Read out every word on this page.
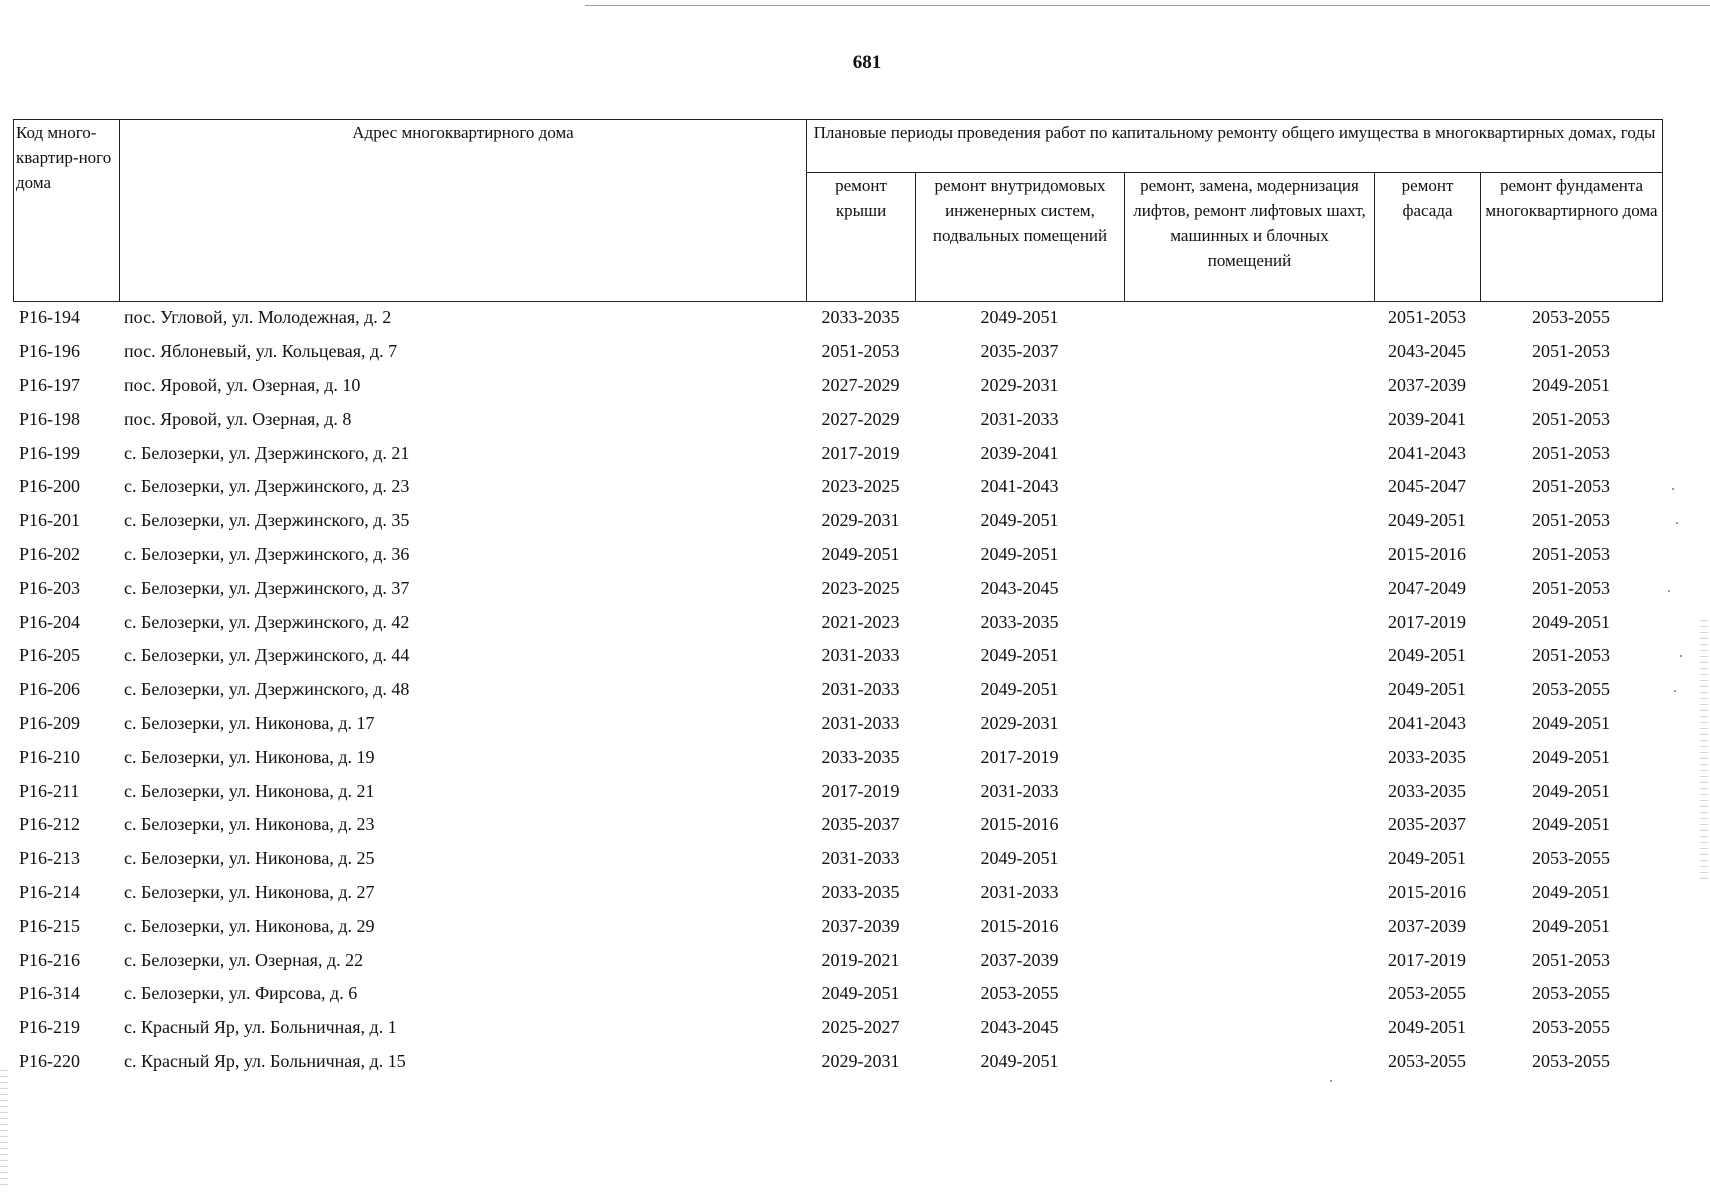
681
Код много-квартир-ного дома	Адрес многоквартирного дома	Плановые периоды проведения работ по капитальному ремонту общего имущества в многоквартирных домах, годы				
		ремонт крыши	ремонт внутридомовых инженерных систем, подвальных помещений	ремонт, замена, модернизация лифтов, ремонт лифтовых шахт, машинных и блочных помещений	ремонт фасада	ремонт фундамента многоквартирного дома
P16-194	пос. Угловой, ул. Молодежная, д. 2	2033-2035	2049-2051		2051-2053	2053-2055
P16-196	пос. Яблоневый, ул. Кольцевая, д. 7	2051-2053	2035-2037		2043-2045	2051-2053
P16-197	пос. Яровой, ул. Озерная, д. 10	2027-2029	2029-2031		2037-2039	2049-2051
P16-198	пос. Яровой, ул. Озерная, д. 8	2027-2029	2031-2033		2039-2041	2051-2053
P16-199	с. Белозерки, ул. Дзержинского, д. 21	2017-2019	2039-2041		2041-2043	2051-2053
P16-200	с. Белозерки, ул. Дзержинского, д. 23	2023-2025	2041-2043		2045-2047	2051-2053
P16-201	с. Белозерки, ул. Дзержинского, д. 35	2029-2031	2049-2051		2049-2051	2051-2053
P16-202	с. Белозерки, ул. Дзержинского, д. 36	2049-2051	2049-2051		2015-2016	2051-2053
P16-203	с. Белозерки, ул. Дзержинского, д. 37	2023-2025	2043-2045		2047-2049	2051-2053
P16-204	с. Белозерки, ул. Дзержинского, д. 42	2021-2023	2033-2035		2017-2019	2049-2051
P16-205	с. Белозерки, ул. Дзержинского, д. 44	2031-2033	2049-2051		2049-2051	2051-2053
P16-206	с. Белозерки, ул. Дзержинского, д. 48	2031-2033	2049-2051		2049-2051	2053-2055
P16-209	с. Белозерки, ул. Никонова, д. 17	2031-2033	2029-2031		2041-2043	2049-2051
P16-210	с. Белозерки, ул. Никонова, д. 19	2033-2035	2017-2019		2033-2035	2049-2051
P16-211	с. Белозерки, ул. Никонова, д. 21	2017-2019	2031-2033		2033-2035	2049-2051
P16-212	с. Белозерки, ул. Никонова, д. 23	2035-2037	2015-2016		2035-2037	2049-2051
P16-213	с. Белозерки, ул. Никонова, д. 25	2031-2033	2049-2051		2049-2051	2053-2055
P16-214	с. Белозерки, ул. Никонова, д. 27	2033-2035	2031-2033		2015-2016	2049-2051
P16-215	с. Белозерки, ул. Никонова, д. 29	2037-2039	2015-2016		2037-2039	2049-2051
P16-216	с. Белозерки, ул. Озерная, д. 22	2019-2021	2037-2039		2017-2019	2051-2053
P16-314	с. Белозерки, ул. Фирсова, д. 6	2049-2051	2053-2055		2053-2055	2053-2055
P16-219	с. Красный Яр, ул. Больничная, д. 1	2025-2027	2043-2045		2049-2051	2053-2055
P16-220	с. Красный Яр, ул. Больничная, д. 15	2029-2031	2049-2051		2053-2055	2053-2055
